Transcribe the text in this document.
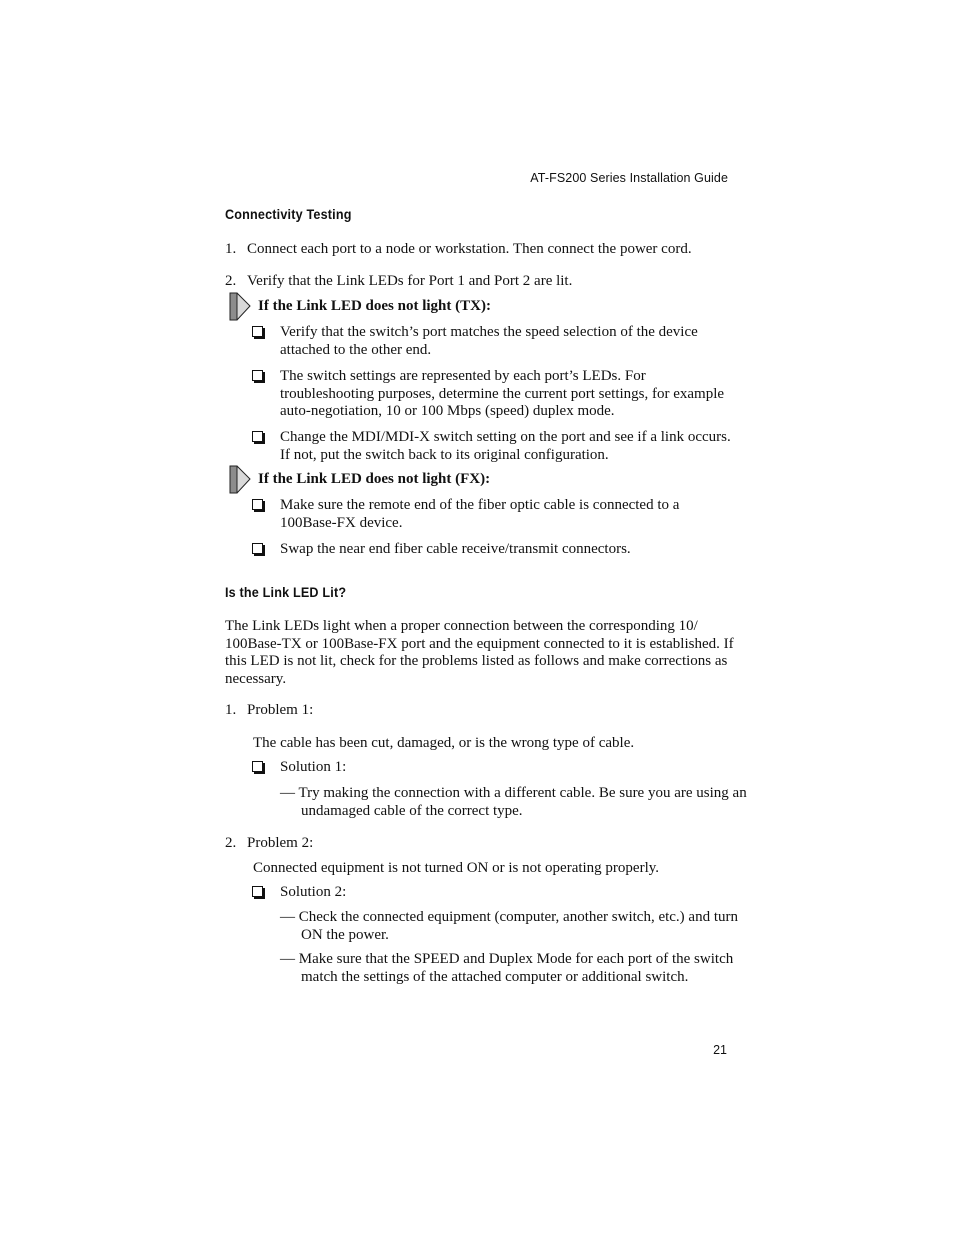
AT-FS200 Series Installation Guide
Connectivity Testing
1. Connect each port to a node or workstation. Then connect the power cord.
2. Verify that the Link LEDs for Port 1 and Port 2 are lit.
If the Link LED does not light (TX):
Verify that the switch’s port matches the speed selection of the device attached to the other end.
The switch settings are represented by each port’s LEDs. For troubleshooting purposes, determine the current port settings, for example auto-negotiation, 10 or 100 Mbps (speed) duplex mode.
Change the MDI/MDI-X switch setting on the port and see if a link occurs. If not, put the switch back to its original configuration.
If the Link LED does not light (FX):
Make sure the remote end of the fiber optic cable is connected to a 100Base-FX device.
Swap the near end fiber cable receive/transmit connectors.
Is the Link LED Lit?
The Link LEDs light when a proper connection between the corresponding 10/ 100Base-TX or 100Base-FX port and the equipment connected to it is established. If this LED is not lit, check for the problems listed as follows and make corrections as necessary.
1. Problem 1:
The cable has been cut, damaged, or is the wrong type of cable.
Solution 1:
— Try making the connection with a different cable. Be sure you are using an undamaged cable of the correct type.
2. Problem 2:
Connected equipment is not turned ON or is not operating properly.
Solution 2:
— Check the connected equipment (computer, another switch, etc.) and turn ON the power.
— Make sure that the SPEED and Duplex Mode for each port of the switch match the settings of the attached computer or additional switch.
21
